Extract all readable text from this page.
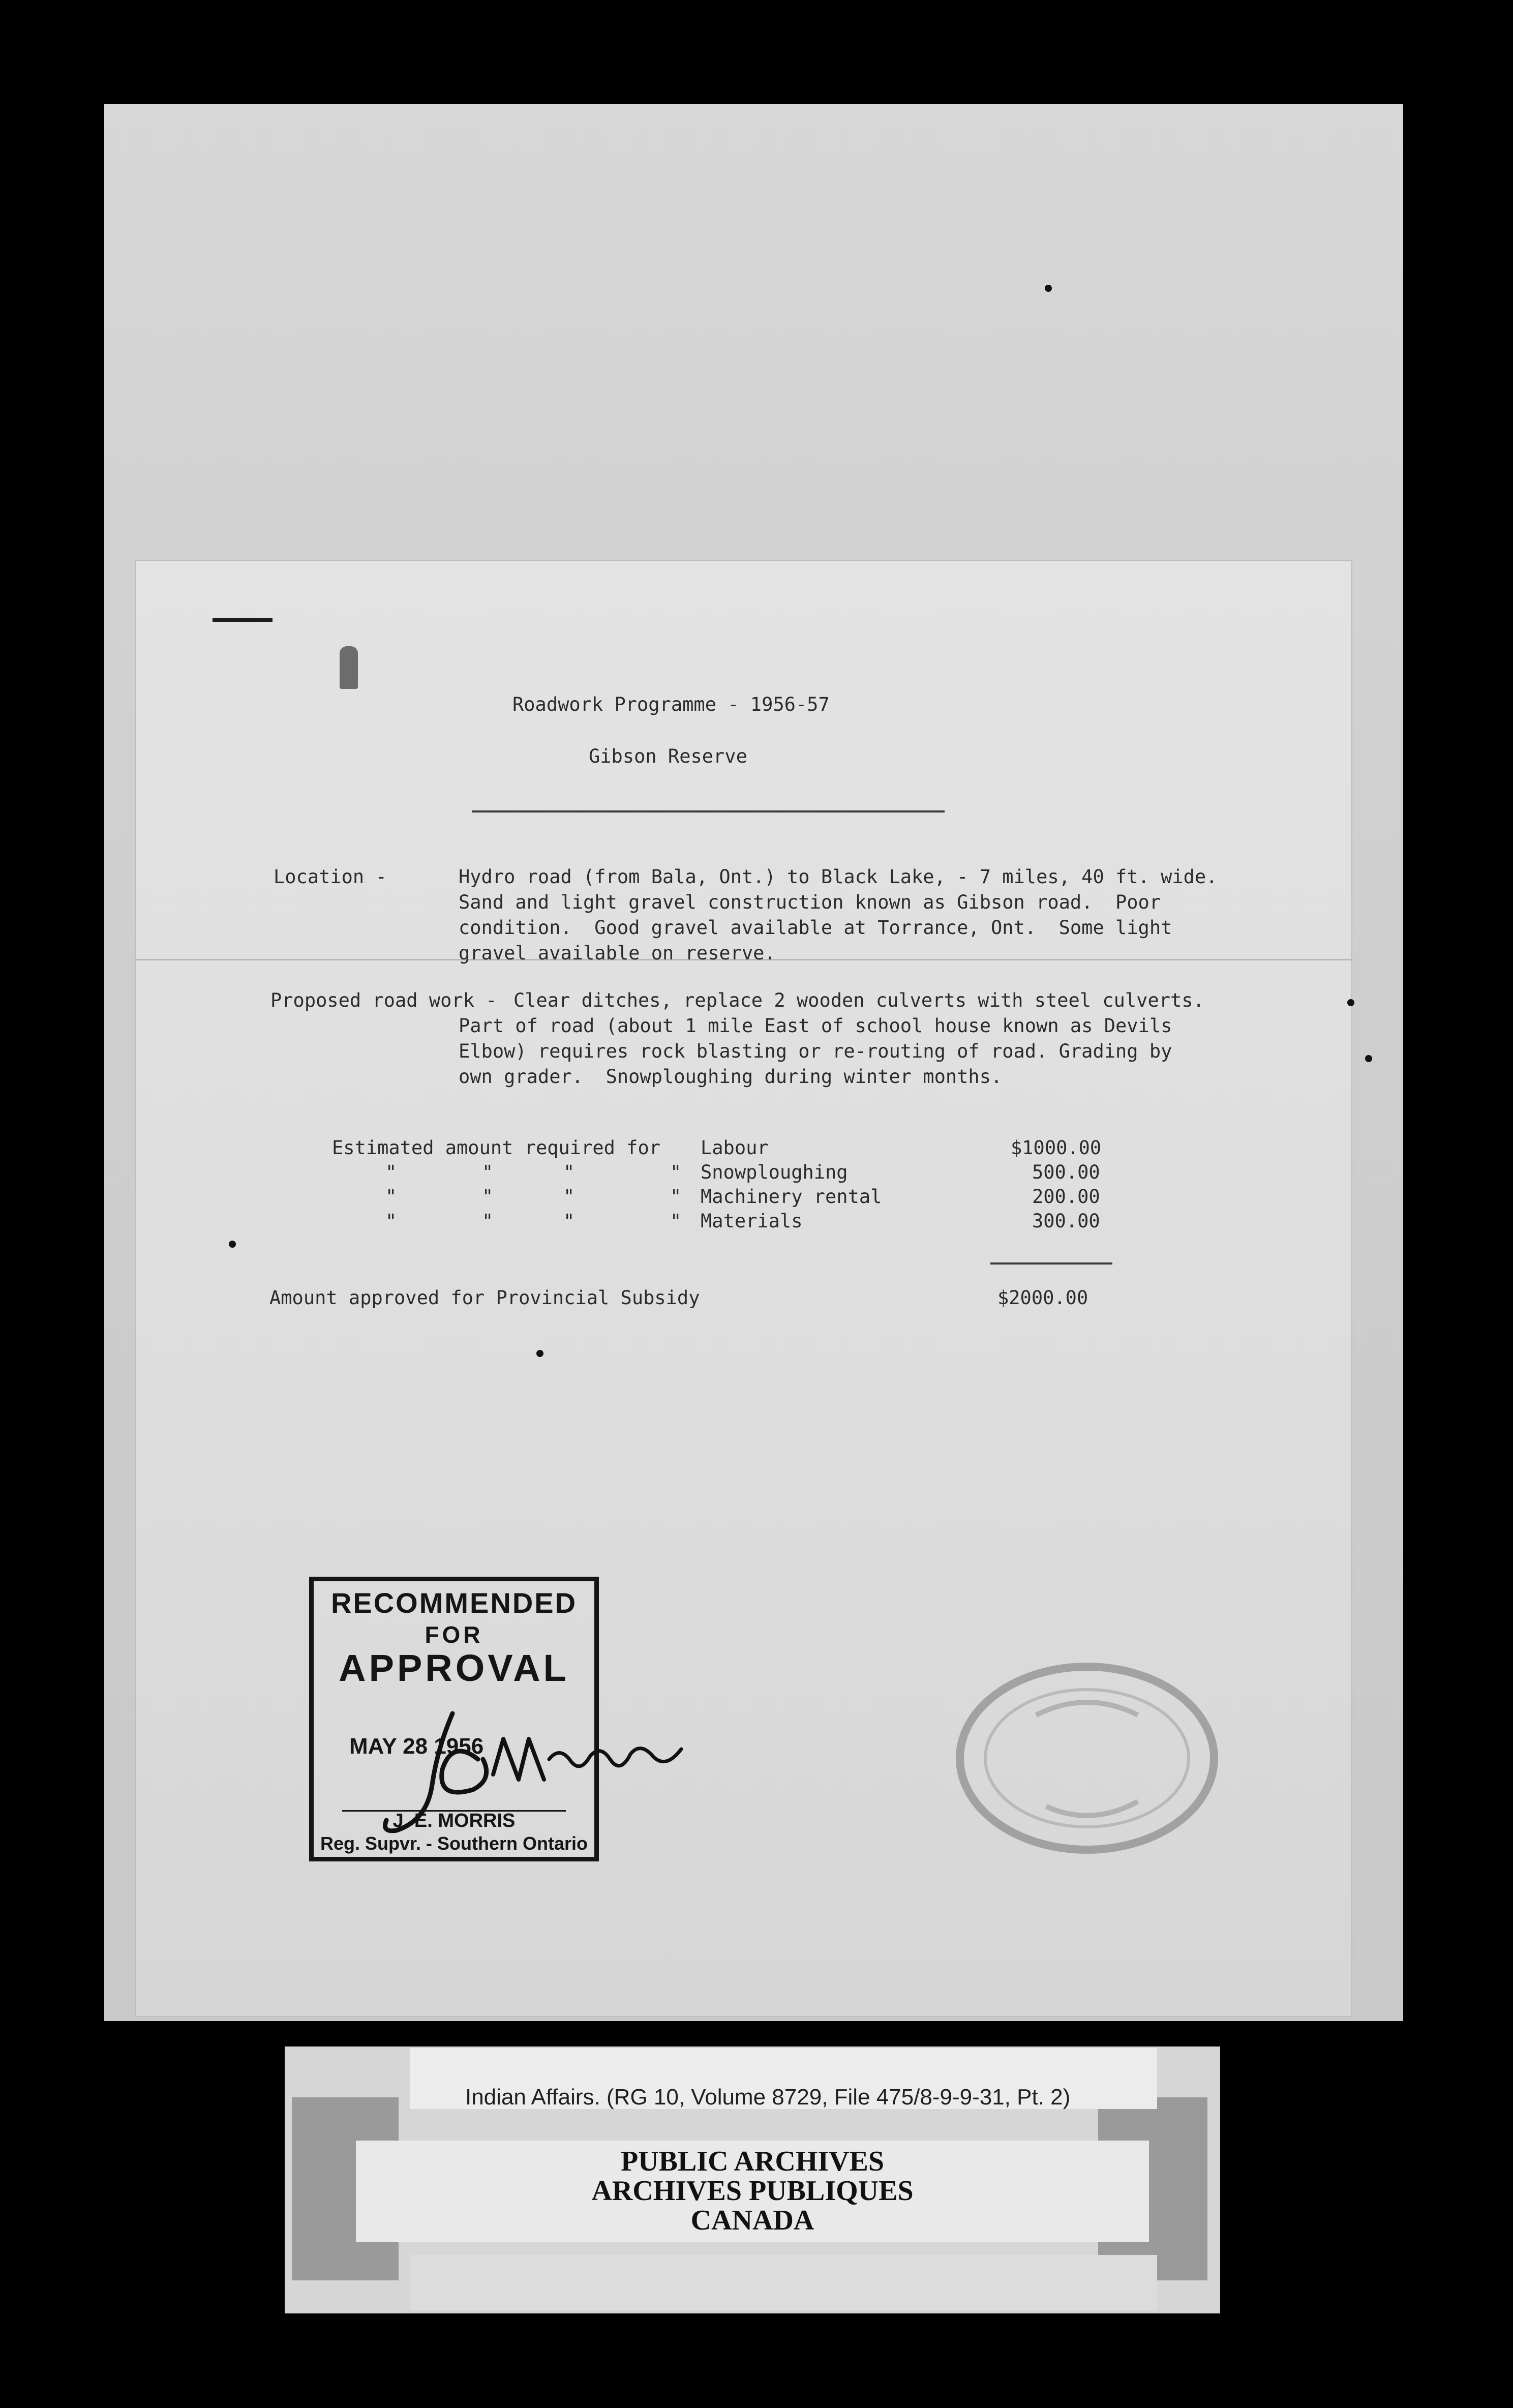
Roadwork Programme - 1956-57
Gibson Reserve
Location -	Hydro road (from Bala, Ont.) to Black Lake, - 7 miles, 40 ft. wide.
Sand and light gravel construction known as Gibson road.  Poor
condition.  Good gravel available at Torrance, Ont.  Some light
gravel available on reserve.
Proposed road work - Clear ditches, replace 2 wooden culverts with steel culverts.
Part of road (about 1 mile East of school house known as Devils
Elbow) requires rock blasting or re-routing of road. Grading by
own grader.  Snowploughing during winter months.
Estimated amount required for Labour	$1000.00
"	"	"	" Snowploughing	500.00
"	"	"	" Machinery rental	200.00
"	"	"	" Materials	300.00
Amount approved for Provincial Subsidy	$2000.00
RECOMMENDED
FOR
APPROVAL
MAY 28 1956
J. E. MORRIS
Reg. Supvr. - Southern Ontario
Indian Affairs. (RG 10, Volume 8729, File 475/8-9-9-31, Pt. 2)
PUBLIC ARCHIVES
ARCHIVES PUBLIQUES
CANADA
